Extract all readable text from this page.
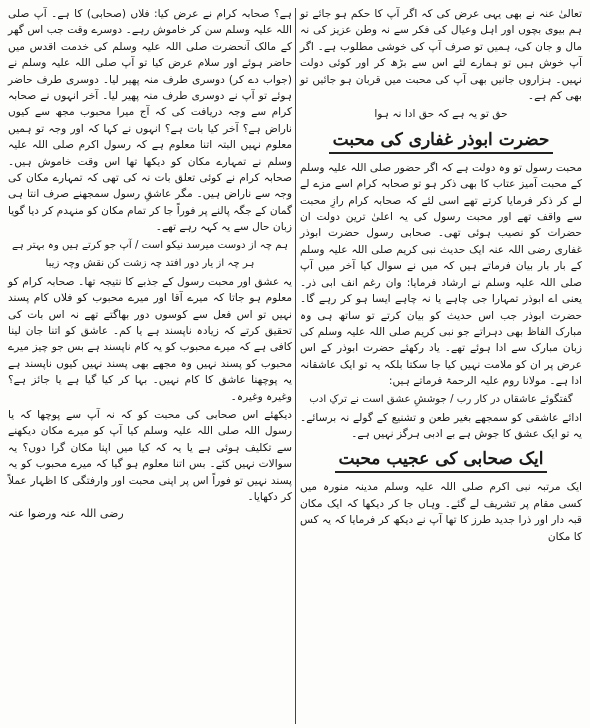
تعالیٰ عنہ نے بھی یہی عرض کی کہ اگر آپ کا حکم ہو جائے تو ہم بیوی بچوں اور اہل وعیال کی فکر سے نہ وطن عزیز کی نہ مال و جان کی، ہمیں تو صرف آپ کی خوشی مطلوب ہے۔ اگر آپ خوش ہیں تو ہمارے لئے اس سے بڑھ کر اور کوئی دولت نہیں۔ ہزاروں جانیں بھی آپ کی محبت میں قربان ہو جائیں تو بھی کم ہے۔

حق تو یہ ہے کہ حق ادا نہ ہوا

حضرت ابوذر غفاری کی محبت

محبت رسول تو وہ دولت ہے کہ اگر حضور صلی اللہ علیہ وسلم کے محبت آمیز عتاب کا بھی ذکر ہو تو صحابہ کرام اسے مزے لے لے کر ذکر فرمایا کرتے تھے اسی لئے کہ صحابہ کرام رازِ محبت سے واقف تھے اور محبت رسول کی یہ اعلیٰ ترین دولت ان حضرات کو نصیب ہوئی تھی۔ صحابی رسول حضرت ابوذر غفاری رضی اللہ عنہ ایک حدیث نبی کریم صلی اللہ علیہ وسلم کے بار بار بیان فرماتے ہیں کہ میں نے سوال کیا آخر میں آپ صلی اللہ علیہ وسلم نے ارشاد فرمایا: وان رغم انف ابی ذر۔ یعنی اے ابوذر تمہارا جی چاہے یا نہ چاہے ایسا ہو کر رہے گا۔ حضرت ابوذر جب اس حدیث کو بیان کرتے تو ساتھ ہی وہ مبارک الفاظ بھی دہراتے جو نبی کریم صلی اللہ علیہ وسلم کی زبان مبارک سے ادا ہوئے تھے۔ یاد رکھئے حضرت ابوذر کے اس عرض پر ان کو ملامت نہیں کیا جا سکتا بلکہ یہ تو ایک عاشقانہ ادا ہے۔ مولانا روم علیہ الرحمۃ فرماتے ہیں:

گفتگوئے عاشقاں در کار رب / جوششِ عشق است نے ترکِ ادب

ادائے عاشقی کو سمجھے بغیر طعن و تشنیع کے گولے نہ برسائے۔ یہ تو ایک عشق کا جوش ہے بے ادبی ہرگز نہیں ہے۔

ایک صحابی کی عجیب محبت

ایک مرتبہ نبی اکرم صلی اللہ علیہ وسلم مدینہ منورہ میں کسی مقام پر تشریف لے گئے۔ وہاں جا کر دیکھا کہ ایک مکان قبہ دار اور ذرا جدید طرز کا تھا آپ نے دیکھ کر فرمایا کہ یہ کس کا مکان

ہے؟ صحابہ کرام نے عرض کیا: فلاں (صحابی) کا ہے۔ آپ صلی اللہ علیہ وسلم سن کر خاموش رہے۔ دوسرے وقت جب اس گھر کے مالک آنحضرت صلی اللہ علیہ وسلم کی خدمت اقدس میں حاضر ہوئے اور سلام عرض کیا تو آپ صلی اللہ علیہ وسلم نے (جواب دے کر) دوسری طرف منہ پھیر لیا۔ دوسری طرف حاضر ہوئے تو آپ نے دوسری طرف منہ پھیر لیا۔ آخر انہوں نے صحابہ کرام سے وجہ دریافت کی کہ آج میرا محبوب مجھ سے کیوں ناراض ہے؟ آخر کیا بات ہے؟ انہوں نے کہا کہ اور وجہ تو ہمیں معلوم نہیں البتہ اتنا معلوم ہے کہ رسول اکرم صلی اللہ علیہ وسلم نے تمہارے مکان کو دیکھا تھا اس وقت خاموش ہیں۔ صحابہ کرام نے کوئی تعلق بات نہ کی تھی کہ تمہارے مکان کی وجہ سے ناراض ہیں۔ مگر عاشقِ رسول سمجھنے صرف انتا ہی گمان کے جگہ پالنے پر فوراً جا کر تمام مکان کو منہدم کر دیا گویا زبان حال سے یہ کہہ رہے تھے۔

ہم چہ از دوست میرسد نیکو است / آپ جو کرتے ہیں وہ بہتر ہے

ہر چہ از یار دور افتد چہ زشت کن نقش وچہ زیبا

یہ عشق اور محبت رسول کے جذبے کا نتیجہ تھا۔ صحابہ کرام کو معلوم ہو جاتا کہ میرے آقا اور میرے محبوب کو فلاں کام پسند نہیں تو اس فعل سے کوسوں دور بھاگتے تھے نہ اس بات کی تحقیق کرتے کہ زیادہ ناپسند ہے یا کم۔ عاشق کو اتنا جان لینا کافی ہے کہ میرے محبوب کو یہ کام ناپسند ہے بس جو چیز میرے محبوب کو پسند نہیں وہ مجھے بھی پسند نہیں کیوں ناپسند ہے یہ پوچھنا عاشق کا کام نہیں۔ بہا کر کیا گیا ہے یا جائز ہے؟ وغیرہ وغیرہ۔

دیکھئے اس صحابی کی محبت کو کہ نہ آپ سے پوچھا کہ یا رسول اللہ صلی اللہ علیہ وسلم کیا آپ کو میرے مکان دیکھنے سے تکلیف ہوئی ہے یا یہ کہ کیا میں اپنا مکان گرا دوں؟ یہ سوالات نہیں کئے۔ بس اتنا معلوم ہو گیا کہ میرے محبوب کو یہ پسند نہیں تو فوراً اس پر اپنی محبت اور وارفتگی کا اظہار عملاً کر دکھایا۔

رضی اللہ عنہ ورضوا عنہ
